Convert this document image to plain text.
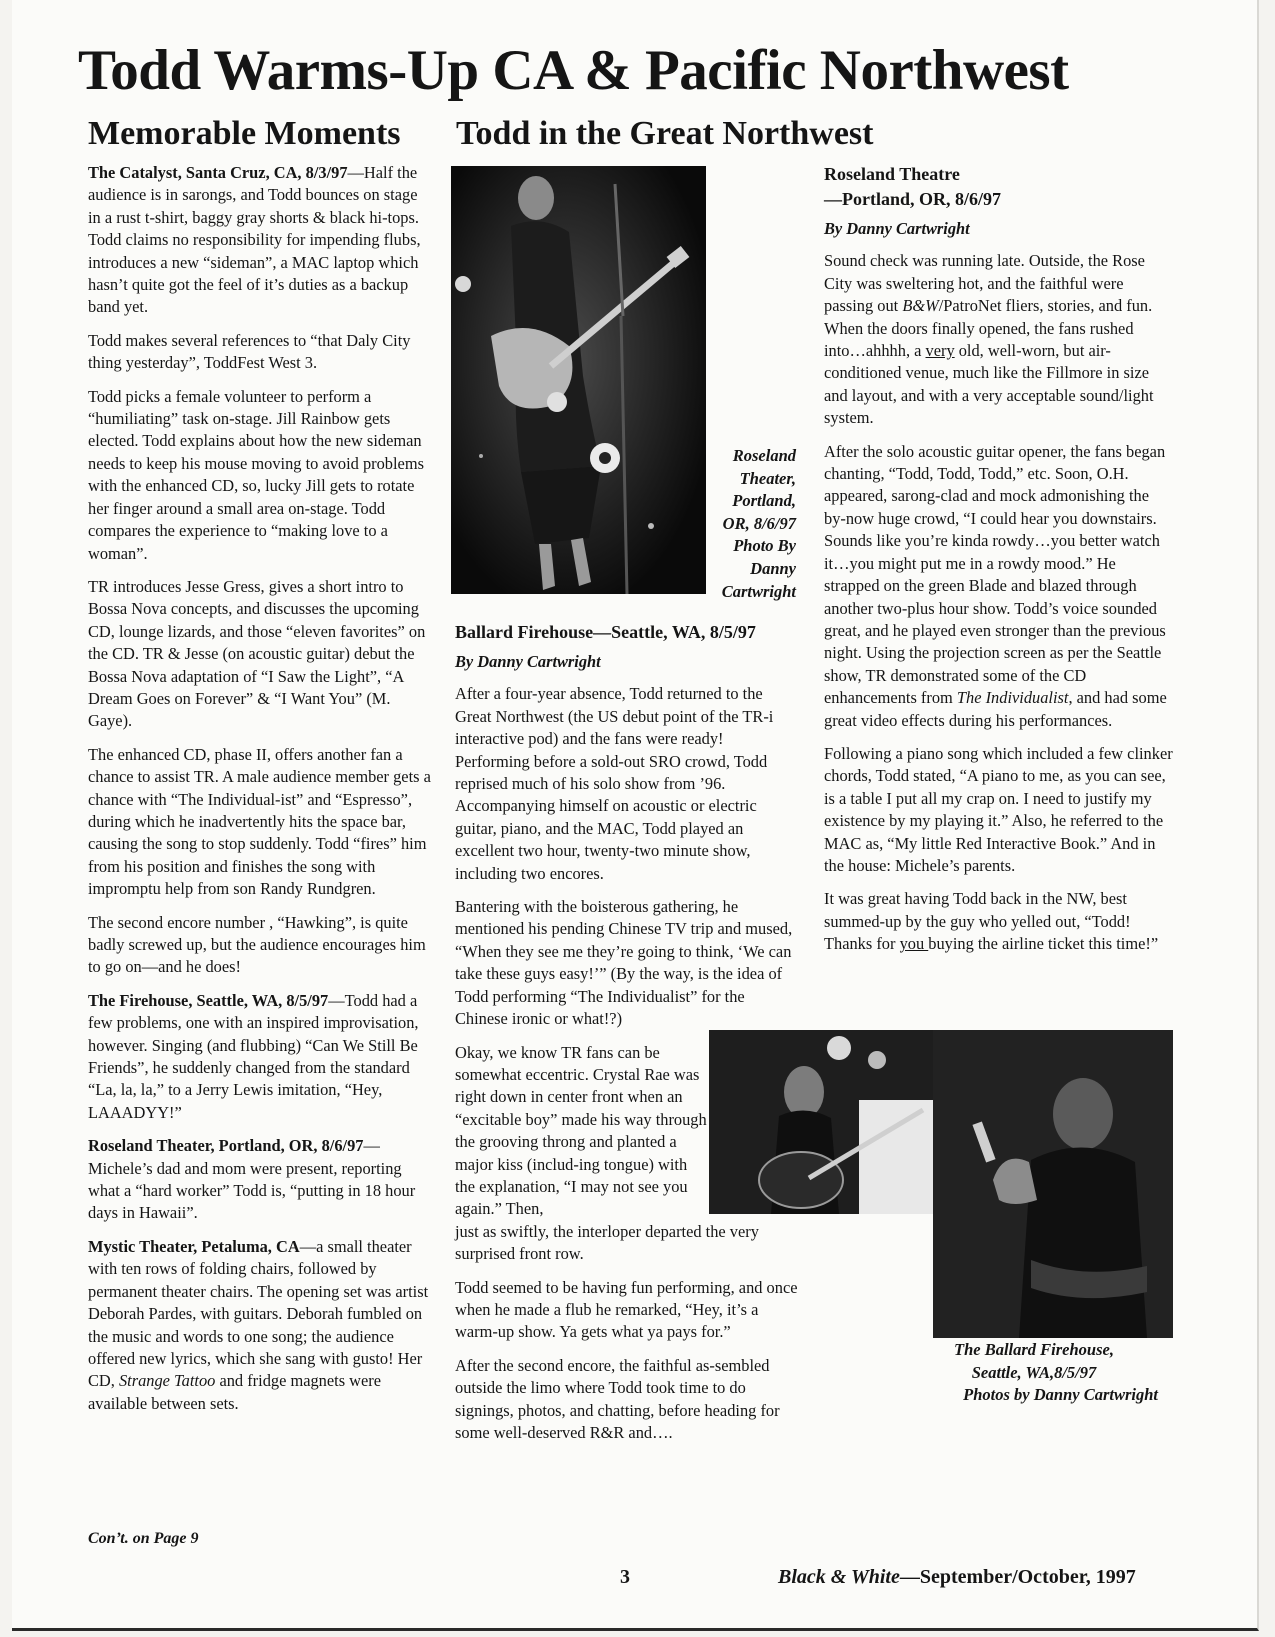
Todd Warms-Up CA & Pacific Northwest
Memorable Moments Todd in the Great Northwest

The Catalyst, Santa Cruz, CA, 8/3/97—Half the audience is in sarongs, and Todd bounces on stage in a rust t-shirt, baggy gray shorts & black hi-tops. Todd claims no responsibility for impending flubs, introduces a new “sideman”, a MAC laptop which hasn’t quite got the feel of it’s duties as a backup band yet.

Todd makes several references to “that Daly City thing yesterday”, ToddFest West 3.

Todd picks a female volunteer to perform a “humiliating” task on-stage. Jill Rainbow gets elected. Todd explains about how the new sideman needs to keep his mouse moving to avoid problems with the enhanced CD, so, lucky Jill gets to rotate her finger around a small area on-stage. Todd compares the experience to “making love to a woman”.

TR introduces Jesse Gress, gives a short intro to Bossa Nova concepts, and discusses the upcoming CD, lounge lizards, and those “eleven favorites” on the CD. TR & Jesse (on acoustic guitar) debut the Bossa Nova adaptation of “I Saw the Light”, “A Dream Goes on Forever” & “I Want You” (M. Gaye).

The enhanced CD, phase II, offers another fan a chance to assist TR. A male audience member gets a chance with “The Individual-ist” and “Espresso”, during which he inadvertently hits the space bar, causing the song to stop suddenly. Todd “fires” him from his position and finishes the song with impromptu help from son Randy Rundgren.

The second encore number , “Hawking”, is quite badly screwed up, but the audience encourages him to go on—and he does!

The Firehouse, Seattle, WA, 8/5/97—Todd had a few problems, one with an inspired improvisation, however. Singing (and flubbing) “Can We Still Be Friends”, he suddenly changed from the standard “La, la, la,” to a Jerry Lewis imitation, “Hey, LAAADYY!”

Roseland Theater, Portland, OR, 8/6/97—Michele’s dad and mom were present, reporting what a “hard worker” Todd is, “putting in 18 hour days in Hawaii”.

Mystic Theater, Petaluma, CA—a small theater with ten rows of folding chairs, followed by permanent theater chairs. The opening set was artist Deborah Pardes, with guitars. Deborah fumbled on the music and words to one song; the audience offered new lyrics, which she sang with gusto! Her CD, Strange Tattoo and fridge magnets were available between sets.

Con’t. on Page 9
Roseland Theater, Portland, OR, 8/6/97 Photo By Danny Cartwright
Ballard Firehouse—Seattle, WA, 8/5/97
By Danny Cartwright

After a four-year absence, Todd returned to the Great Northwest (the US debut point of the TR-i interactive pod) and the fans were ready! Performing before a sold-out SRO crowd, Todd reprised much of his solo show from ’96. Accompanying himself on acoustic or electric guitar, piano, and the MAC, Todd played an excellent two hour, twenty-two minute show, including two encores.

Bantering with the boisterous gathering, he mentioned his pending Chinese TV trip and mused, “When they see me they’re going to think, ‘We can take these guys easy!’” (By the way, is the idea of Todd performing “The Individualist” for the Chinese ironic or what!?)

Okay, we know TR fans can be somewhat eccentric. Crystal Rae was right down in center front when an “excitable boy” made his way through the grooving throng and planted a major kiss (includ-ing tongue) with the explanation, “I may not see you again.” Then,
just as swiftly, the interloper departed the very surprised front row.

Todd seemed to be having fun performing, and once when he made a flub he remarked, “Hey, it’s a warm-up show. Ya gets what ya pays for.”

After the second encore, the faithful as-sembled outside the limo where Todd took time to do signings, photos, and chatting, before heading for some well-deserved R&R and….

Roseland Theatre
—Portland, OR, 8/6/97
By Danny Cartwright

Sound check was running late. Outside, the Rose City was sweltering hot, and the faithful were passing out B&W/PatroNet fliers, stories, and fun. When the doors finally opened, the fans rushed into…ahhhh, a very old, well-worn, but air-conditioned venue, much like the Fillmore in size and layout, and with a very acceptable sound/light system.

After the solo acoustic guitar opener, the fans began chanting, “Todd, Todd, Todd,” etc. Soon, O.H. appeared, sarong-clad and mock admonishing the by-now huge crowd, “I could hear you downstairs. Sounds like you’re kinda rowdy…you better watch it…you might put me in a rowdy mood.” He strapped on the green Blade and blazed through another two-plus hour show. Todd’s voice sounded great, and he played even stronger than the previous night. Using the projection screen as per the Seattle show, TR demonstrated some of the CD enhancements from The Individualist, and had some great video effects during his performances.

Following a piano song which included a few clinker chords, Todd stated, “A piano to me, as you can see, is a table I put all my crap on. I need to justify my existence by my playing it.” Also, he referred to the MAC as, “My little Red Interactive Book.” And in the house: Michele’s parents.

It was great having Todd back in the NW, best summed-up by the guy who yelled out, “Todd! Thanks for you buying the airline ticket this time!”

The Ballard Firehouse,
Seattle, WA,8/5/97
Photos by Danny Cartwright
3	Black & White—September/October, 1997
